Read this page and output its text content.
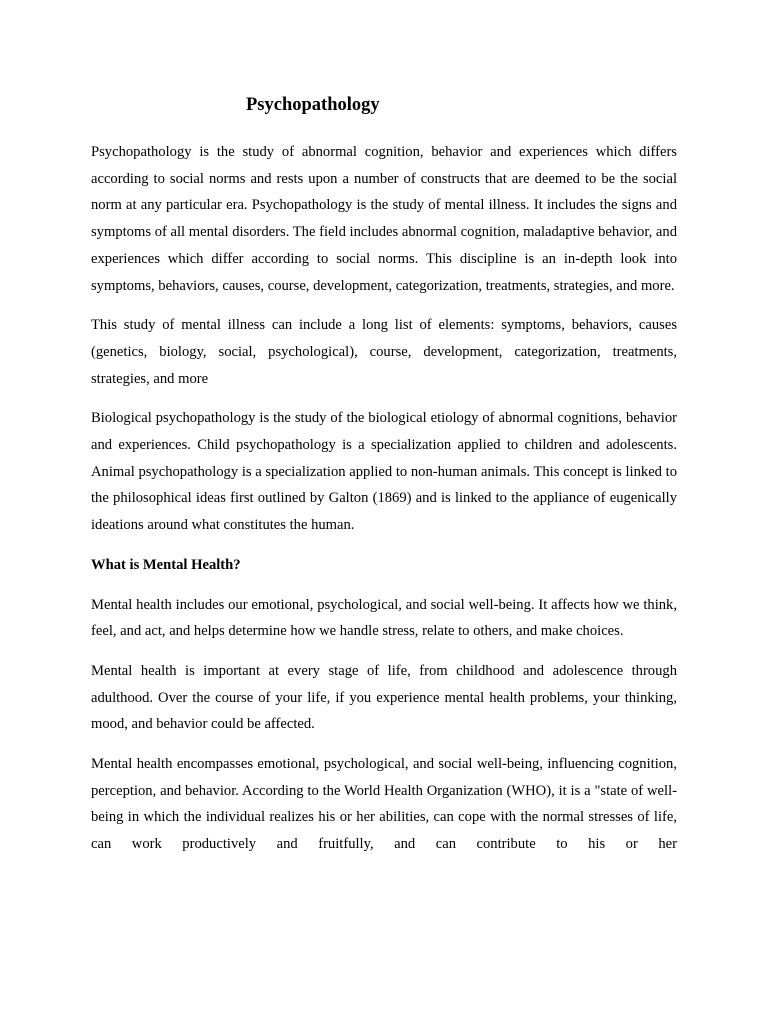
Psychopathology

Psychopathology is the study of abnormal cognition, behavior and experiences which differs according to social norms and rests upon a number of constructs that are deemed to be the social norm at any particular era. Psychopathology is the study of mental illness. It includes the signs and symptoms of all mental disorders. The field includes abnormal cognition, maladaptive behavior, and experiences which differ according to social norms. This discipline is an in-depth look into symptoms, behaviors, causes, course, development, categorization, treatments, strategies, and more.

This study of mental illness can include a long list of elements: symptoms, behaviors, causes (genetics, biology, social, psychological), course, development, categorization, treatments, strategies, and more

Biological psychopathology is the study of the biological etiology of abnormal cognitions, behavior and experiences. Child psychopathology is a specialization applied to children and adolescents. Animal psychopathology is a specialization applied to non-human animals. This concept is linked to the philosophical ideas first outlined by Galton (1869) and is linked to the appliance of eugenically ideations around what constitutes the human.

What is Mental Health?

Mental health includes our emotional, psychological, and social well-being. It affects how we think, feel, and act, and helps determine how we handle stress, relate to others, and make choices.

Mental health is important at every stage of life, from childhood and adolescence through adulthood. Over the course of your life, if you experience mental health problems, your thinking, mood, and behavior could be affected.

Mental health encompasses emotional, psychological, and social well-being, influencing cognition, perception, and behavior. According to the World Health Organization (WHO), it is a "state of well-being in which the individual realizes his or her abilities, can cope with the normal stresses of life, can work productively and fruitfully, and can contribute to his or her
